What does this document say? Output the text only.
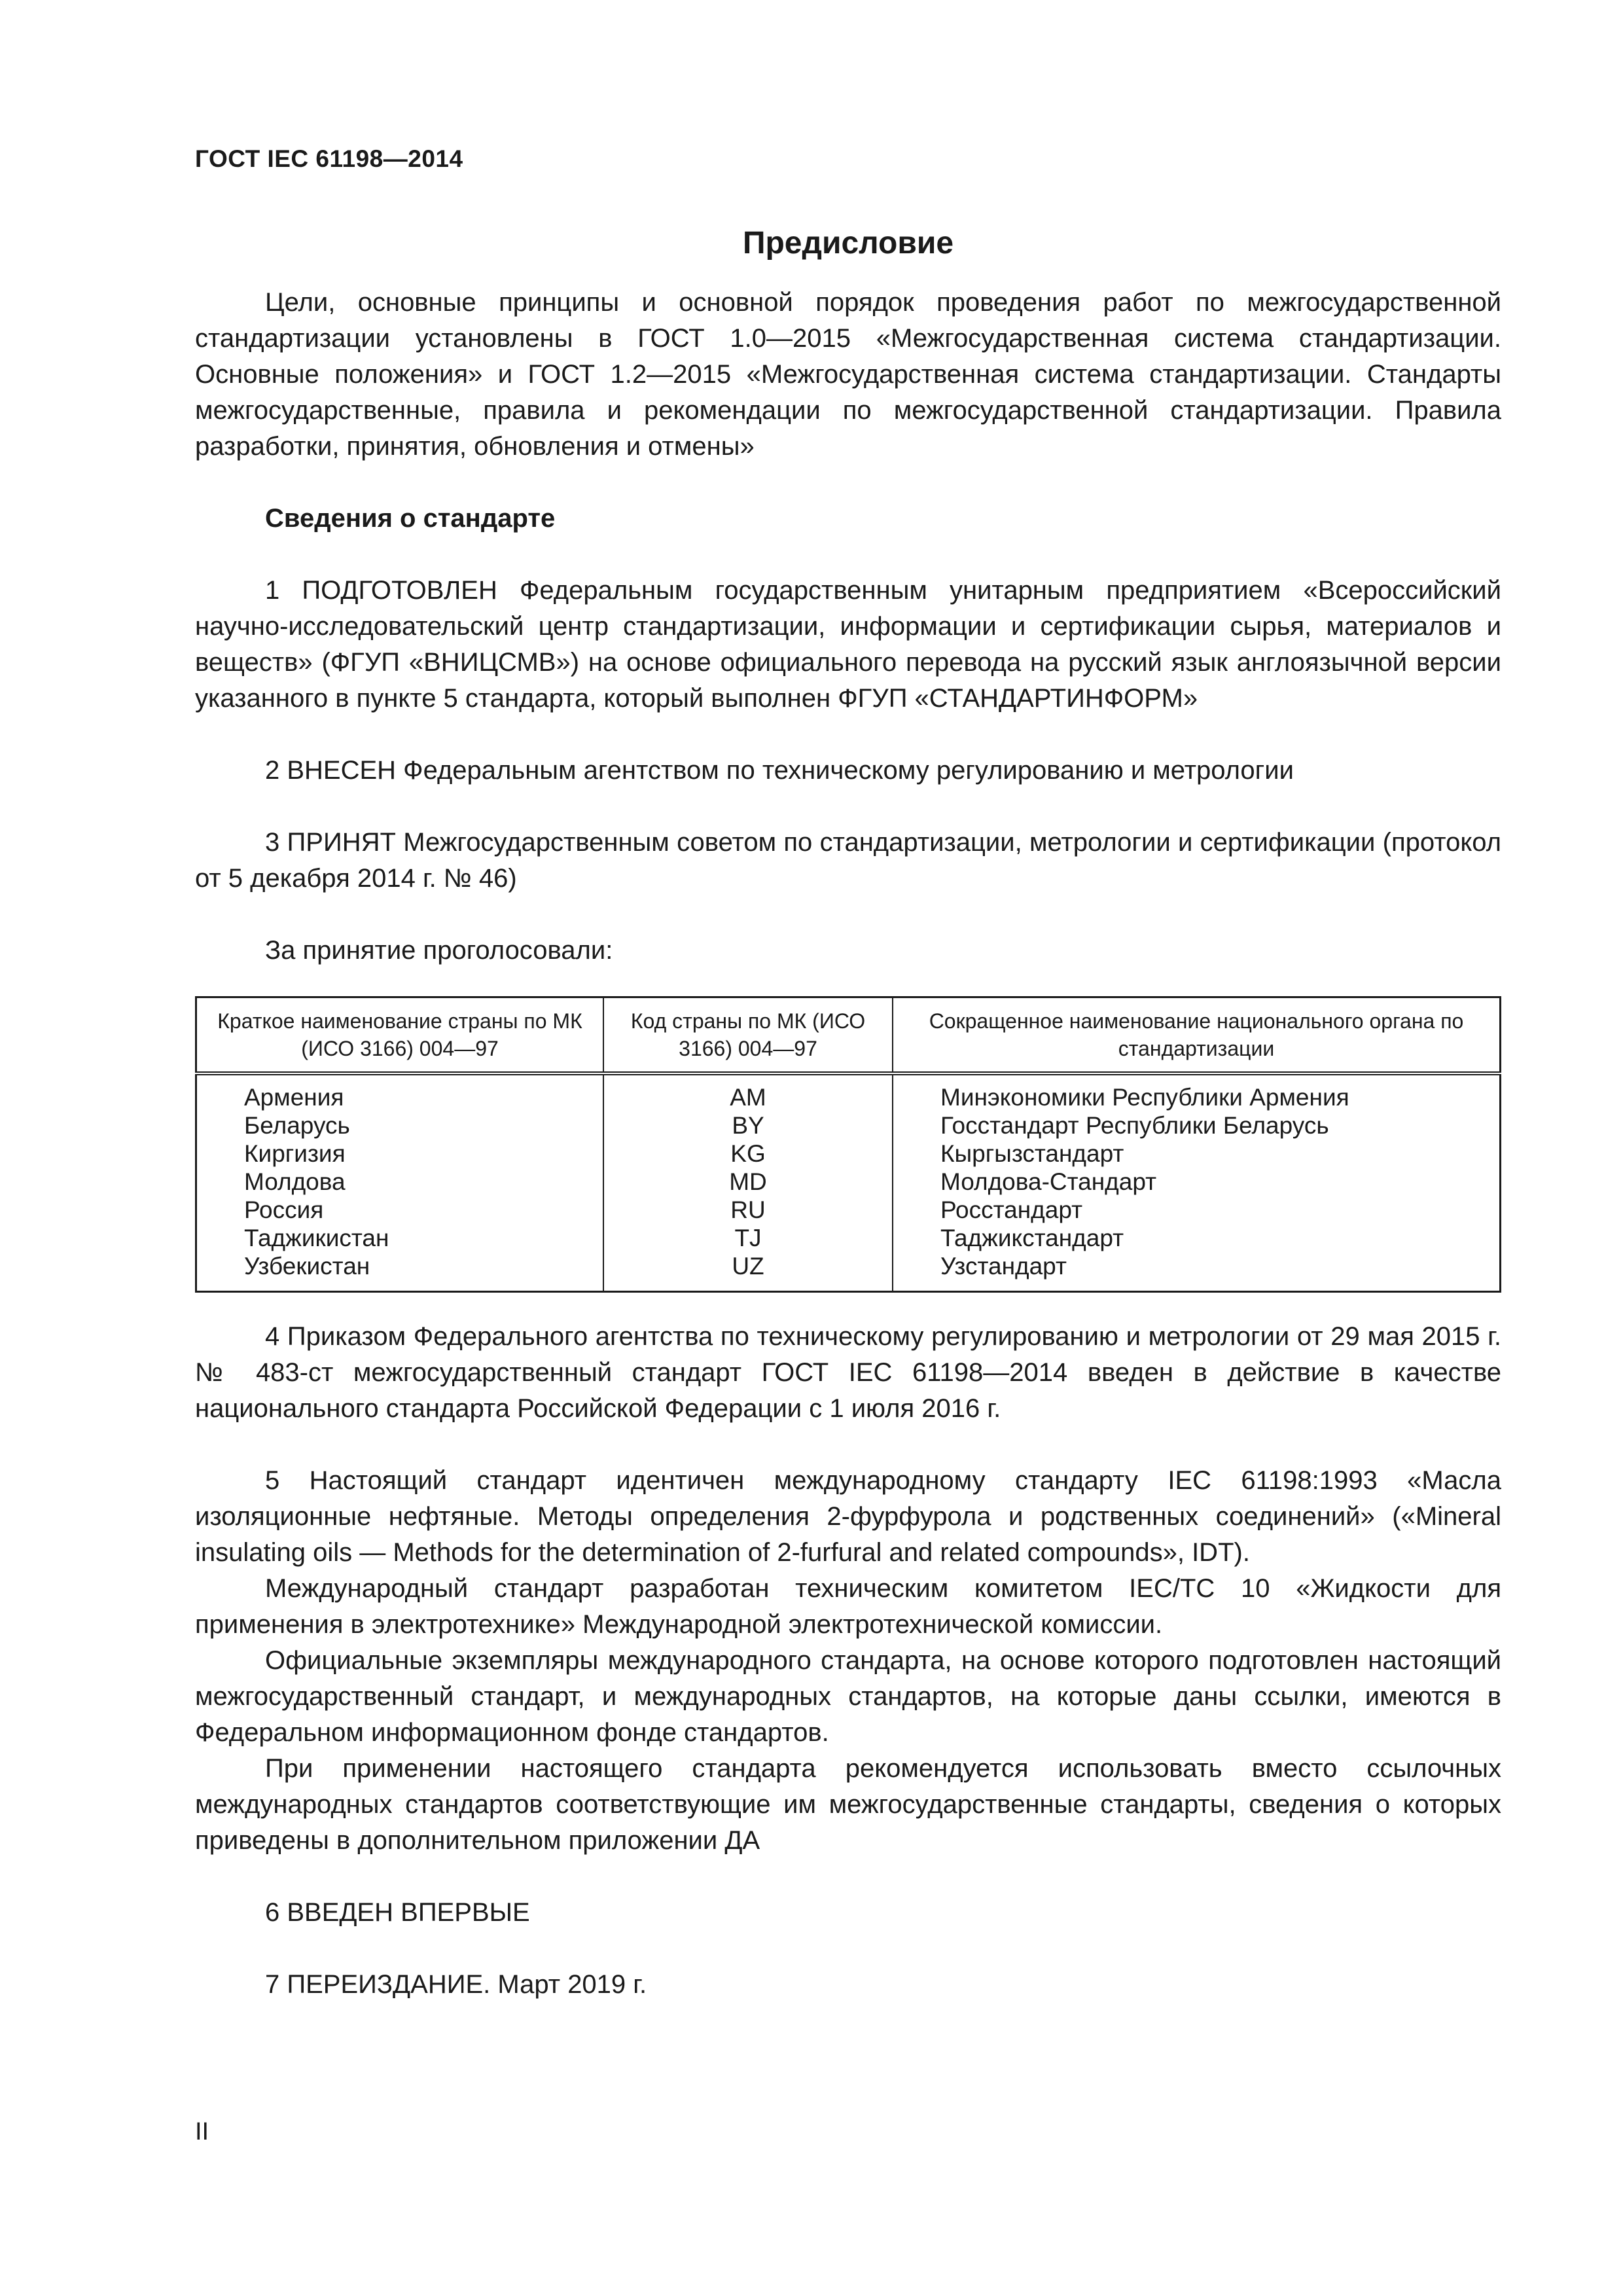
ГОСТ IEC 61198—2014
Предисловие

Цели, основные принципы и основной порядок проведения работ по межгосударственной стандартизации установлены в ГОСТ 1.0—2015 «Межгосударственная система стандартизации. Основные положения» и ГОСТ 1.2—2015 «Межгосударственная система стандартизации. Стандарты межгосударственные, правила и рекомендации по межгосударственной стандартизации. Правила разработки, принятия, обновления и отмены»

Сведения о стандарте

1 ПОДГОТОВЛЕН Федеральным государственным унитарным предприятием «Всероссийский научно-исследовательский центр стандартизации, информации и сертификации сырья, материалов и веществ» (ФГУП «ВНИЦСМВ») на основе официального перевода на русский язык англоязычной версии указанного в пункте 5 стандарта, который выполнен ФГУП «СТАНДАРТИНФОРМ»

2 ВНЕСЕН Федеральным агентством по техническому регулированию и метрологии

3 ПРИНЯТ Межгосударственным советом по стандартизации, метрологии и сертификации (протокол от 5 декабря 2014 г. № 46)

За принятие проголосовали:

Краткое наименование страны по МК (ИСО 3166) 004—97	Код страны по МК (ИСО 3166) 004—97	Сокращенное наименование национального органа по стандартизации
Армения	AM	Минэкономики Республики Армения
Беларусь	BY	Госстандарт Республики Беларусь
Киргизия	KG	Кыргызстандарт
Молдова	MD	Молдова-Стандарт
Россия	RU	Росстандарт
Таджикистан	TJ	Таджикстандарт
Узбекистан	UZ	Узстандарт

4 Приказом Федерального агентства по техническому регулированию и метрологии от 29 мая 2015 г. № 483-ст межгосударственный стандарт ГОСТ IEC 61198—2014 введен в действие в качестве национального стандарта Российской Федерации с 1 июля 2016 г.

5 Настоящий стандарт идентичен международному стандарту IEC 61198:1993 «Масла изоляционные нефтяные. Методы определения 2-фурфурола и родственных соединений» («Mineral insulating oils — Methods for the determination of 2-furfural and related compounds», IDT).

Международный стандарт разработан техническим комитетом IEC/TC 10 «Жидкости для применения в электротехнике» Международной электротехнической комиссии.

Официальные экземпляры международного стандарта, на основе которого подготовлен настоящий межгосударственный стандарт, и международных стандартов, на которые даны ссылки, имеются в Федеральном информационном фонде стандартов.

При применении настоящего стандарта рекомендуется использовать вместо ссылочных международных стандартов соответствующие им межгосударственные стандарты, сведения о которых приведены в дополнительном приложении ДА

6 ВВЕДЕН ВПЕРВЫЕ

7 ПЕРЕИЗДАНИЕ. Март 2019 г.

II
